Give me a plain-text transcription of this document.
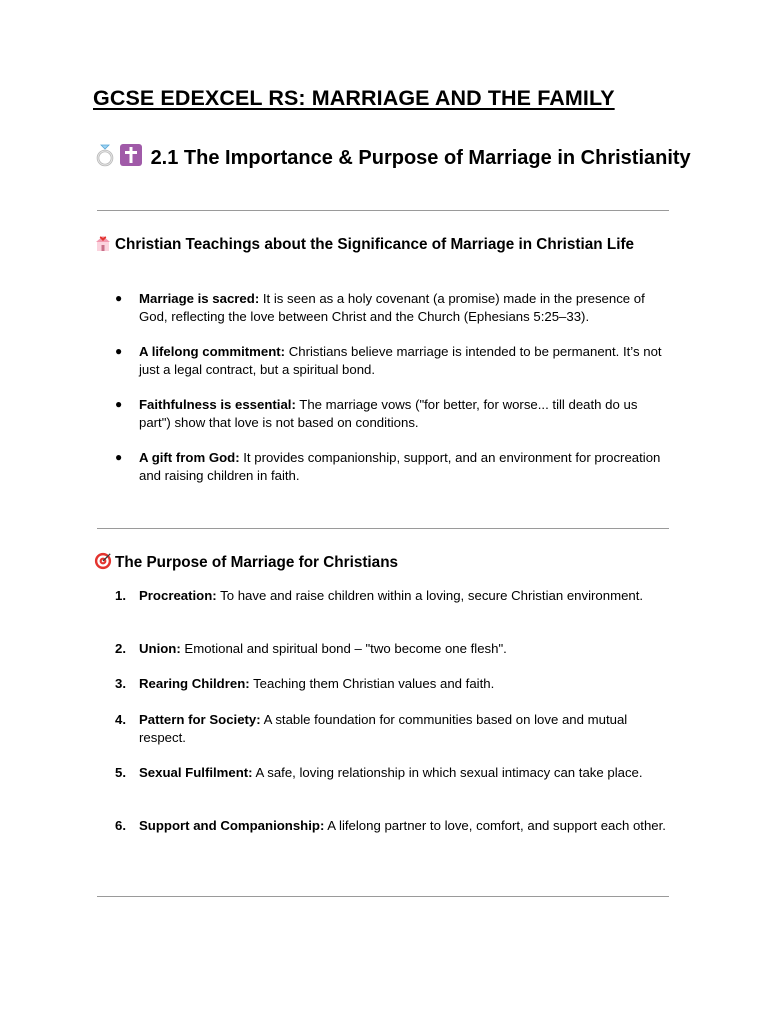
GCSE EDEXCEL RS: MARRIAGE AND THE FAMILY
2.1 The Importance & Purpose of Marriage in Christianity
Christian Teachings about the Significance of Marriage in Christian Life
●	Marriage is sacred: It is seen as a holy covenant (a promise) made in the presence of God, reflecting the love between Christ and the Church (Ephesians 5:25–33).
●	A lifelong commitment: Christians believe marriage is intended to be permanent. It’s not just a legal contract, but a spiritual bond.
●	Faithfulness is essential: The marriage vows ("for better, for worse... till death do us part") show that love is not based on conditions.
●	A gift from God: It provides companionship, support, and an environment for procreation and raising children in faith.
The Purpose of Marriage for Christians
1. Procreation: To have and raise children within a loving, secure Christian environment.
2. Union: Emotional and spiritual bond – "two become one flesh".
3. Rearing Children: Teaching them Christian values and faith.
4. Pattern for Society: A stable foundation for communities based on love and mutual respect.
5. Sexual Fulfilment: A safe, loving relationship in which sexual intimacy can take place.
6. Support and Companionship: A lifelong partner to love, comfort, and support each other.
